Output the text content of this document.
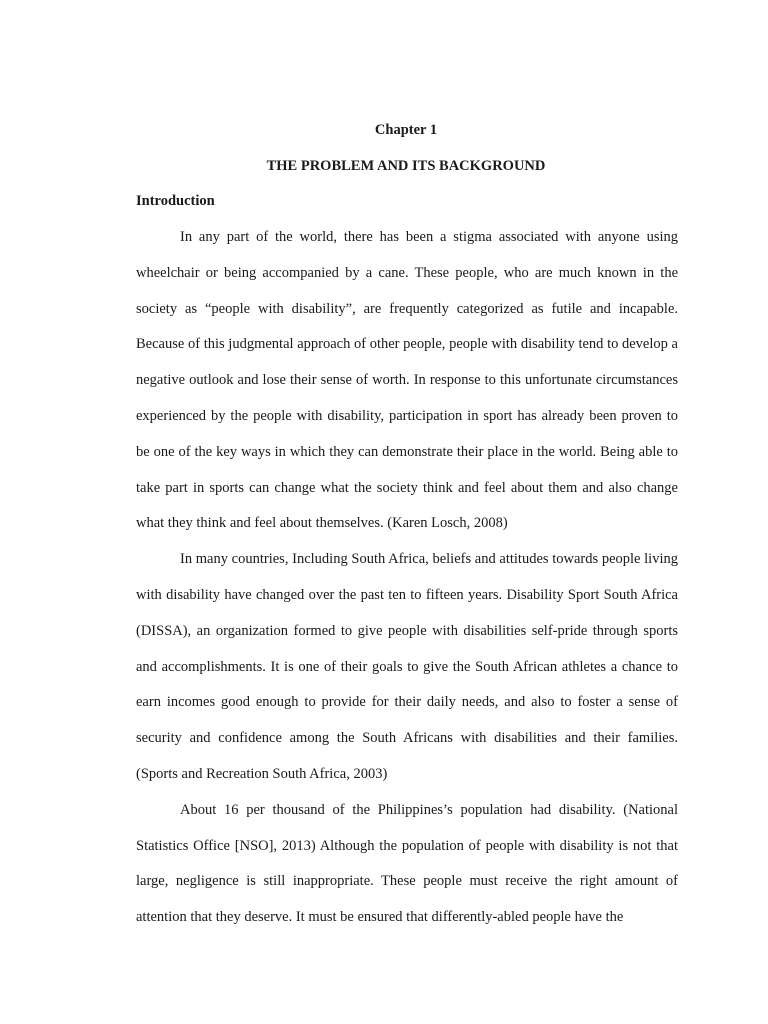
Chapter 1
THE PROBLEM AND ITS BACKGROUND
Introduction

In any part of the world, there has been a stigma associated with anyone using wheelchair or being accompanied by a cane. These people, who are much known in the society as “people with disability”, are frequently categorized as futile and incapable. Because of this judgmental approach of other people, people with disability tend to develop a negative outlook and lose their sense of worth. In response to this unfortunate circumstances experienced by the people with disability, participation in sport has already been proven to be one of the key ways in which they can demonstrate their place in the world. Being able to take part in sports can change what the society think and feel about them and also change what they think and feel about themselves. (Karen Losch, 2008)

In many countries, Including South Africa, beliefs and attitudes towards people living with disability have changed over the past ten to fifteen years. Disability Sport South Africa (DISSA), an organization formed to give people with disabilities self-pride through sports and accomplishments. It is one of their goals to give the South African athletes a chance to earn incomes good enough to provide for their daily needs, and also to foster a sense of security and confidence among the South Africans with disabilities and their families. (Sports and Recreation South Africa, 2003)

About 16 per thousand of the Philippines’s population had disability. (National Statistics Office [NSO], 2013) Although the population of people with disability is not that large, negligence is still inappropriate. These people must receive the right amount of attention that they deserve. It must be ensured that differently-abled people have the
